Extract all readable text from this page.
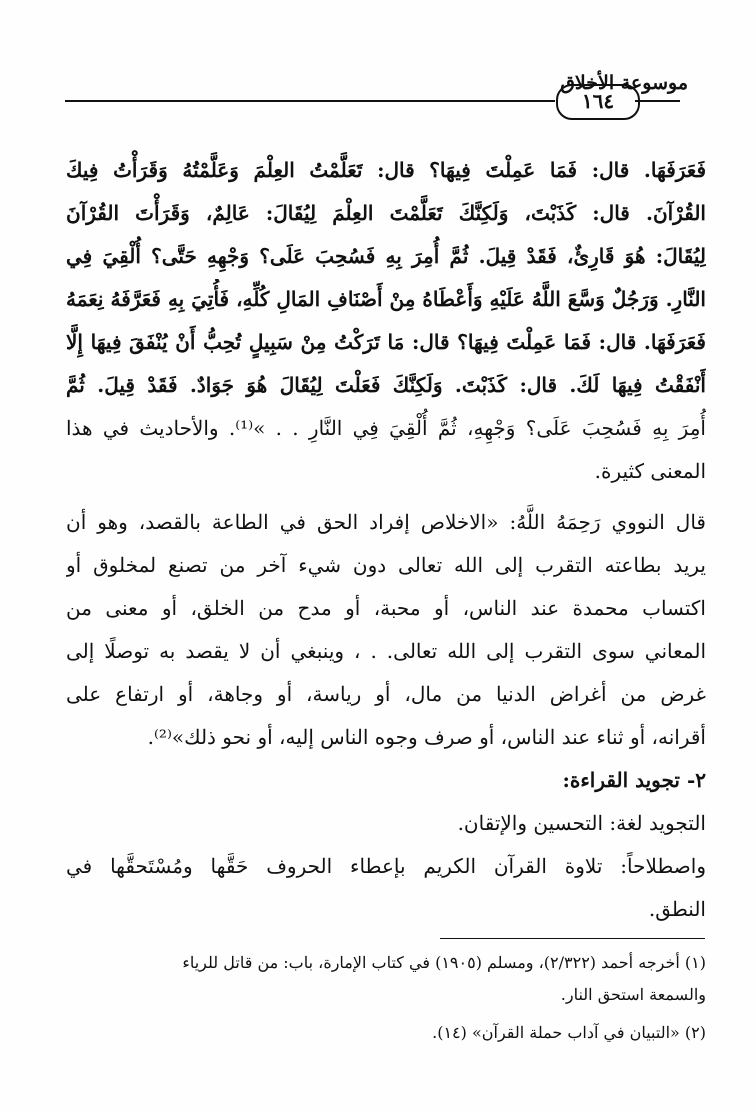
موسوعة الأخلاق
١٦٤
فَعَرَفَهَا. قال: فَمَا عَمِلْتَ فِيهَا؟ قال: تَعَلَّمْتُ العِلْمَ وَعَلَّمْتُهُ وَقَرَأْتُ فِيكَ
القُرْآنَ. قال: كَذَبْتَ، وَلَكِنَّكَ تَعَلَّمْتَ العِلْمَ لِيُقَالَ: عَالِمٌ، وَقَرَأْتَ القُرْآنَ
لِيُقَالَ: هُوَ قَارِئٌ، فَقَدْ قِيلَ. ثُمَّ أُمِرَ بِهِ فَسُحِبَ عَلَى؟ وَجْهِهِ حَتَّى؟ أُلْقِيَ فِي
النَّارِ. وَرَجُلٌ وَسَّعَ اللَّهُ عَلَيْهِ وَأَعْطَاهُ مِنْ أَصْنَافِ المَالِ كُلِّهِ، فَأُتِيَ بِهِ فَعَرَّفَهُ نِعَمَهُ
فَعَرَفَهَا. قال: فَمَا عَمِلْتَ فِيهَا؟ قال: مَا تَرَكْتُ مِنْ سَبِيلٍ تُحِبُّ أَنْ يُنْفَقَ فِيهَا إِلَّا
أَنْفَقْتُ فِيهَا لَكَ. قال: كَذَبْتَ. وَلَكِنَّكَ فَعَلْتَ لِيُقَالَ هُوَ جَوَادٌ. فَقَدْ قِيلَ. ثُمَّ
أُمِرَ بِهِ فَسُحِبَ عَلَى؟ وَجْهِهِ، ثُمَّ أُلْقِيَ فِي النَّارِ . . »⁽¹⁾. والأحاديث في هذا
المعنى كثيرة.
قال النووي رَحِمَهُ اللَّهُ: «الاخلاص إفراد الحق في الطاعة بالقصد، وهو أن
يريد بطاعته التقرب إلى الله تعالى دون شيء آخر من تصنع لمخلوق أو
اكتساب محمدة عند الناس، أو محبة، أو مدح من الخلق، أو معنى من
المعاني سوى التقرب إلى الله تعالى. . ، وينبغي أن لا يقصد به توصلًا إلى
غرض من أغراض الدنيا من مال، أو رياسة، أو وجاهة، أو ارتفاع على
أقرانه، أو ثناء عند الناس، أو صرف وجوه الناس إليه، أو نحو ذلك»⁽²⁾.
٢- تجويد القراءة:
التجويد لغة: التحسين والإتقان.
واصطلاحاً: تلاوة القرآن الكريم بإعطاء الحروف حَقَّها ومُسْتَحقَّها في
النطق.
(١) أخرجه أحمد (٢/٣٢٢)، ومسلم (١٩٠٥) في كتاب الإمارة، باب: من قاتل للرياء
والسمعة استحق النار.
(٢) «التبيان في آداب حملة القرآن» (١٤).
